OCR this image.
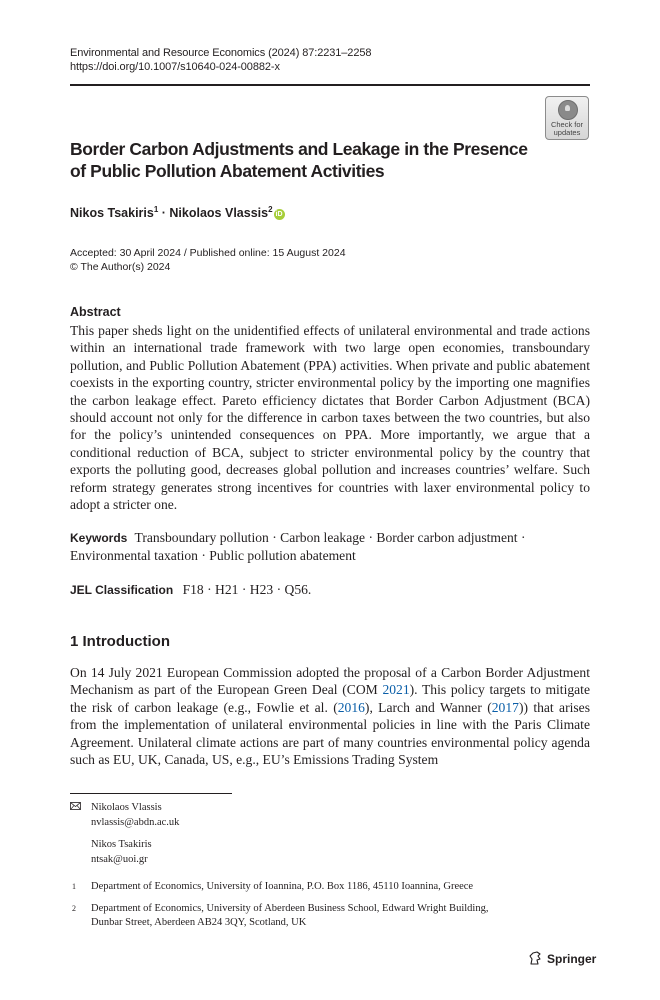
Environmental and Resource Economics (2024) 87:2231–2258
https://doi.org/10.1007/s10640-024-00882-x
Check for
updates
Border Carbon Adjustments and Leakage in the Presence
of Public Pollution Abatement Activities
Nikos Tsakiris$^1$ · Nikolaos Vlassis$^2$iD
Accepted: 30 April 2024 / Published online: 15 August 2024
© The Author(s) 2024
Abstract
This paper sheds light on the unidentified effects of unilateral environmental and trade actions within an international trade framework with two large open economies, transboundary pollution, and Public Pollution Abatement (PPA) activities. When private and public abatement coexists in the exporting country, stricter environmental policy by the importing one magnifies the carbon leakage effect. Pareto efficiency dictates that Border Carbon Adjustment (BCA) should account not only for the difference in carbon taxes between the two countries, but also for the policy’s unintended consequences on PPA. More importantly, we argue that a conditional reduction of BCA, subject to stricter environmental policy by the country that exports the polluting good, decreases global pollution and increases countries’ welfare. Such reform strategy generates strong incentives for countries with laxer environmental policy to adopt a stricter one.
Keywords Transboundary pollution · Carbon leakage · Border carbon adjustment · Environmental taxation · Public pollution abatement
JEL Classification F18 · H21 · H23 · Q56.
1 Introduction
On 14 July 2021 European Commission adopted the proposal of a Carbon Border Adjustment Mechanism as part of the European Green Deal (COM 2021). This policy targets to mitigate the risk of carbon leakage (e.g., Fowlie et al. (2016), Larch and Wanner (2017)) that arises from the implementation of unilateral environmental policies in line with the Paris Climate Agreement. Unilateral climate actions are part of many countries environmental policy agenda such as EU, UK, Canada, US, e.g., EU’s Emissions Trading System
Nikolaos Vlassis
nvlassis@abdn.ac.uk
Nikos Tsakiris
ntsak@uoi.gr
1 Department of Economics, University of Ioannina, P.O. Box 1186, 45110 Ioannina, Greece
2 Department of Economics, University of Aberdeen Business School, Edward Wright Building,
Dunbar Street, Aberdeen AB24 3QY, Scotland, UK
Springer
